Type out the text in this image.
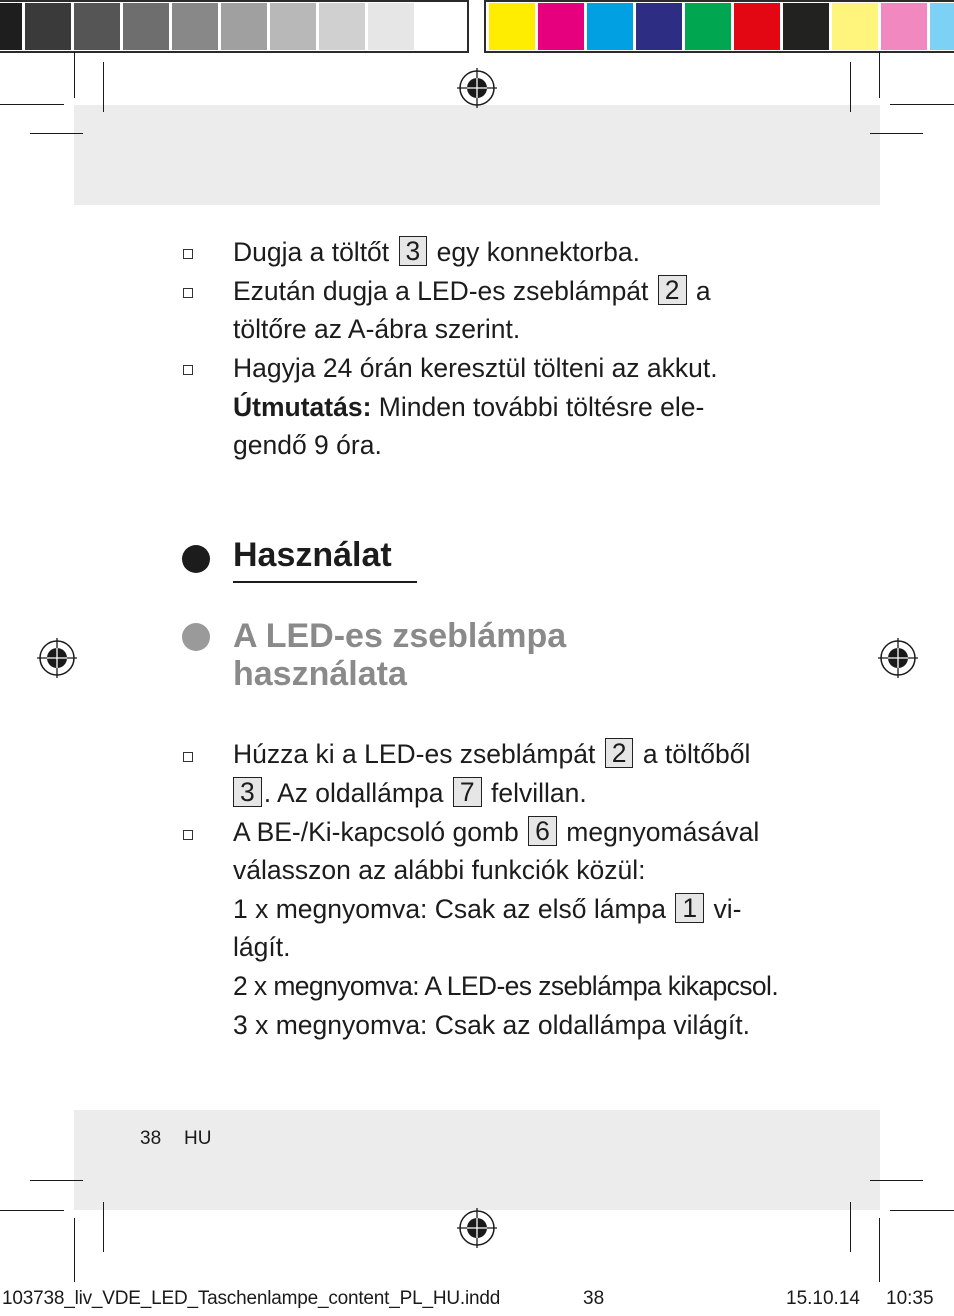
Dugja a töltőt 3 egy konnektorba.
Ezután dugja a LED-es zseblámpát 2 a
töltőre az A-ábra szerint.
Hagyja 24 órán keresztül tölteni az akkut.
Útmutatás: Minden további töltésre ele-
gendő 9 óra.
Használat
A LED-es zseblámpa
használata
Húzza ki a LED-es zseblámpát 2 a töltőből
3 . Az oldallámpa 7 felvillan.
A BE-/Ki-kapcsoló gomb 6 megnyomásával
válasszon az alábbi funkciók közül:
1 x megnyomva: Csak az első lámpa 1 vi-
lágít.
2 x megnyomva: A LED-es zseblámpa kikapcsol.
3 x megnyomva: Csak az oldallámpa világít.
38 HU
103738_liv_VDE_LED_Taschenlampe_content_PL_HU.indd	38	15.10.14 10:35
